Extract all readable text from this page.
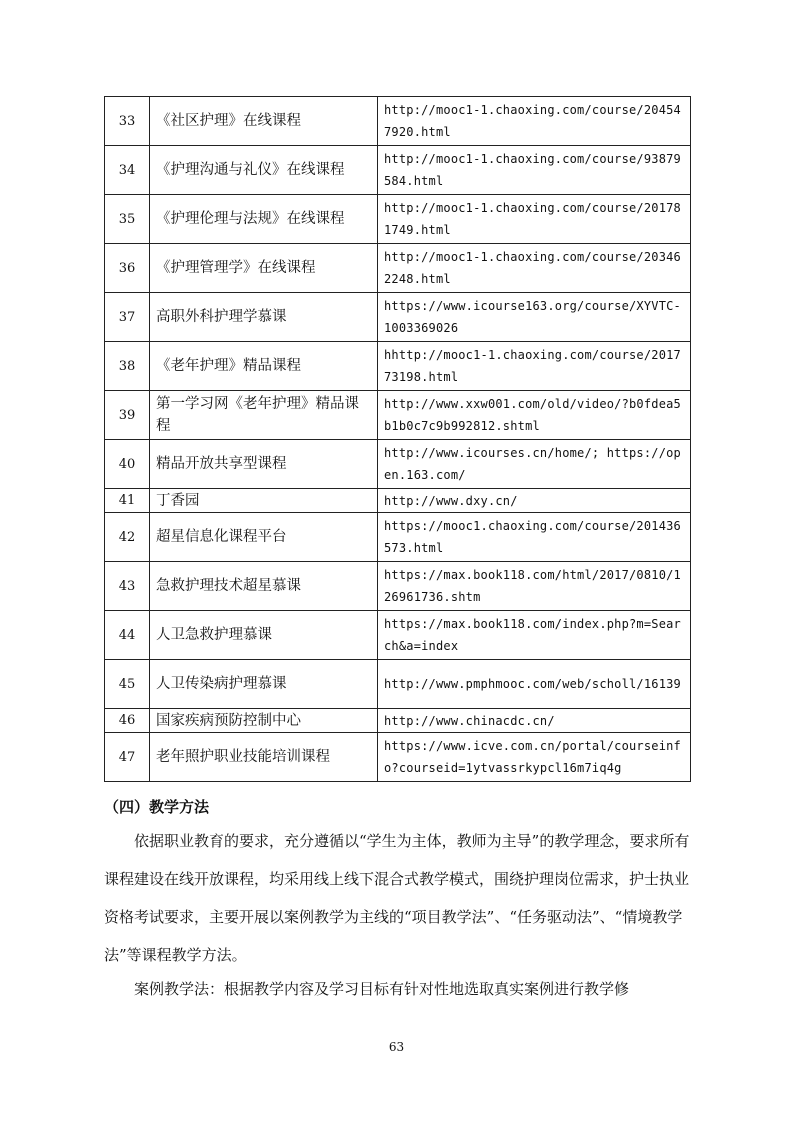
33	《社区护理》在线课程	http://mooc1-1.chaoxing.com/course/204547920.html
34	《护理沟通与礼仪》在线课程	http://mooc1-1.chaoxing.com/course/93879584.html
35	《护理伦理与法规》在线课程	http://mooc1-1.chaoxing.com/course/201781749.html
36	《护理管理学》在线课程	http://mooc1-1.chaoxing.com/course/203462248.html
37	高职外科护理学慕课	https://www.icourse163.org/course/XYVTC-1003369026
38	《老年护理》精品课程	hhttp://mooc1-1.chaoxing.com/course/201773198.html
39	第一学习网《老年护理》精品课程	http://www.xxw001.com/old/video/?b0fdea5b1b0c7c9b992812.shtml
40	精品开放共享型课程	http://www.icourses.cn/home/; https://open.163.com/
41	丁香园	http://www.dxy.cn/
42	超星信息化课程平台	https://mooc1.chaoxing.com/course/201436573.html
43	急救护理技术超星慕课	https://max.book118.com/html/2017/0810/126961736.shtm
44	人卫急救护理慕课	https://max.book118.com/index.php?m=Search&a=index
45	人卫传染病护理慕课	http://www.pmphmooc.com/web/scholl/16139
46	国家疾病预防控制中心	http://www.chinacdc.cn/
47	老年照护职业技能培训课程	https://www.icve.com.cn/portal/courseinfo?courseid=1ytvassrkypcl16m7iq4g
（四）教学方法
依据职业教育的要求，充分遵循以“学生为主体，教师为主导”的教学理念，要求所有课程建设在线开放课程，均采用线上线下混合式教学模式，围绕护理岗位需求，护士执业资格考试要求，主要开展以案例教学为主线的“项目教学法”、“任务驱动法”、“情境教学法”等课程教学方法。
案例教学法：根据教学内容及学习目标有针对性地选取真实案例进行教学修
63
